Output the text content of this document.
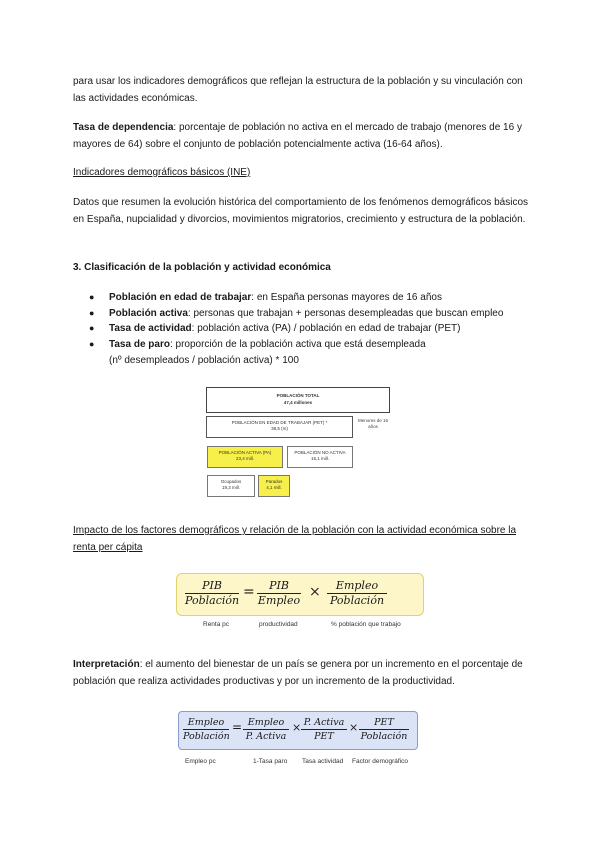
para usar los indicadores demográficos que reflejan la estructura de la población y su vinculación con las actividades económicas.
Tasa de dependencia: porcentaje de población no activa en el mercado de trabajo (menores de 16 y mayores de 64) sobre el conjunto de población potencialmente activa (16-64 años).
Indicadores demográficos básicos (INE)
Datos que resumen la evolución histórica del comportamiento de los fenómenos demográficos básicos en España, nupcialidad y divorcios, movimientos migratorios, crecimiento y estructura de la población.
3. Clasificación de la población y actividad económica
● Población en edad de trabajar: en España personas mayores de 16 años
● Población activa: personas que trabajan + personas desempleadas que buscan empleo
● Tasa de actividad: población activa (PA) / población en edad de trabajar (PET)
● Tasa de paro: proporción de la población activa que está desempleada
(nº desempleados / población activa) * 100
POBLACIÓN TOTAL
47,4 millones
POBLACIÓN EN EDAD DE TRABAJAR (PET) *
38,5 (m)
Menores de 16 años
POBLACIÓN ACTIVA (PA)
23,4 mill.
POBLACIÓN NO ACTIVA
15,1 mill.
Ocupados
19,3 mill.
Parados
4,1 mill.
Impacto de los factores demográficos y relación de la población con la actividad económica sobre la renta per cápita
PIB
Población
=	PIB
Empleo
×	Empleo
Población
Renta pc	productividad	% población que trabajo
Interpretación: el aumento del bienestar de un país se genera por un incremento en el porcentaje de población que realiza actividades productivas y por un incremento de la productividad.
Empleo
Población
= Empleo
P. Activa
× P. Activa
PET
×	PET
Población
Empleo pc	1-Tasa paro Tasa actividad Factor demográfico
